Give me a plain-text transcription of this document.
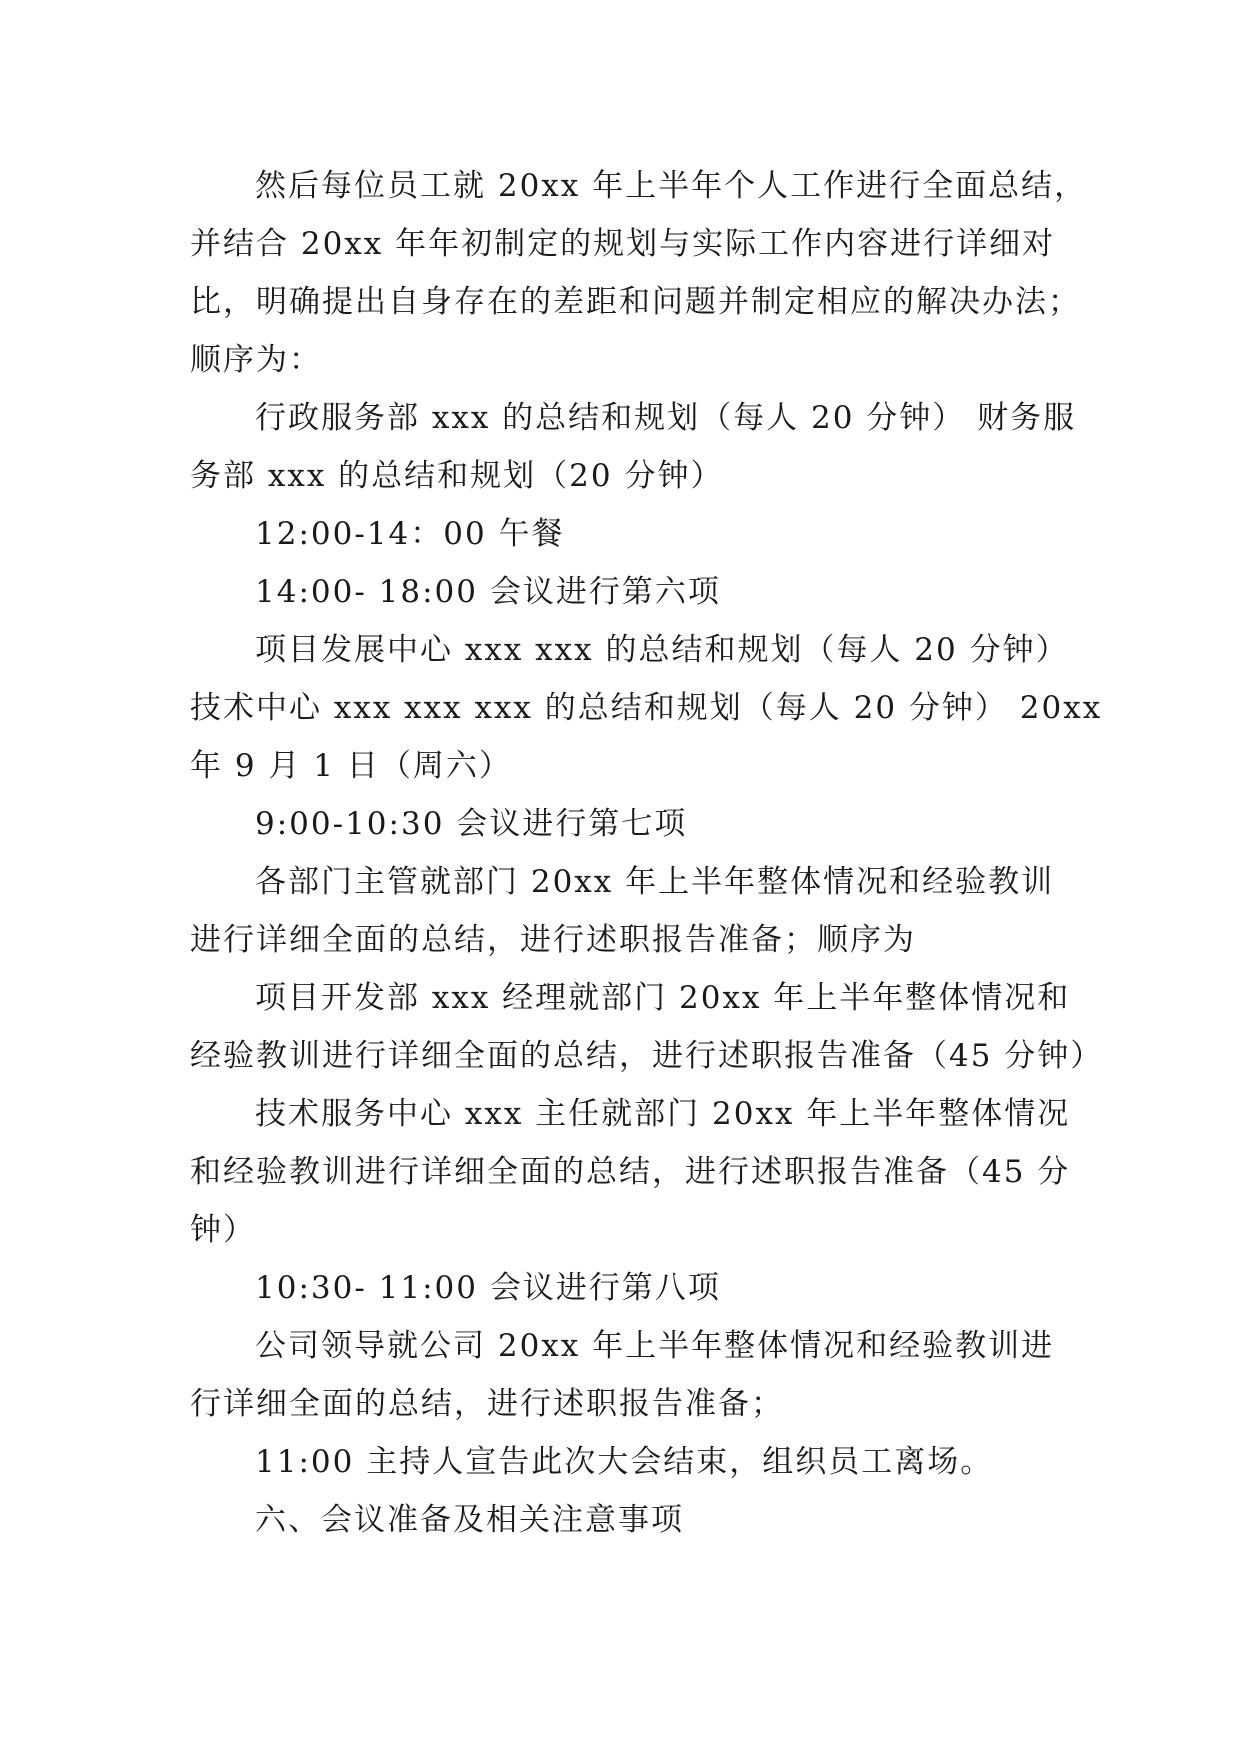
然后每位员工就 20xx 年上半年个人工作进行全面总结，

并结合 20xx 年年初制定的规划与实际工作内容进行详细对

比，明确提出自身存在的差距和问题并制定相应的解决办法；

顺序为：

行政服务部 xxx 的总结和规划（每人 20 分钟） 财务服

务部 xxx 的总结和规划（20 分钟）

12:00-14：00 午餐

14:00- 18:00 会议进行第六项

项目发展中心 xxx xxx 的总结和规划（每人 20 分钟）

技术中心 xxx xxx xxx 的总结和规划（每人 20 分钟） 20xx

年 9 月 1 日（周六）

9:00-10:30 会议进行第七项

各部门主管就部门 20xx 年上半年整体情况和经验教训

进行详细全面的总结，进行述职报告准备；顺序为

项目开发部 xxx 经理就部门 20xx 年上半年整体情况和

经验教训进行详细全面的总结，进行述职报告准备（45 分钟）

技术服务中心 xxx 主任就部门 20xx 年上半年整体情况

和经验教训进行详细全面的总结，进行述职报告准备（45 分

钟）

10:30- 11:00 会议进行第八项

公司领导就公司 20xx 年上半年整体情况和经验教训进

行详细全面的总结，进行述职报告准备；

11:00 主持人宣告此次大会结束，组织员工离场。

六、会议准备及相关注意事项
